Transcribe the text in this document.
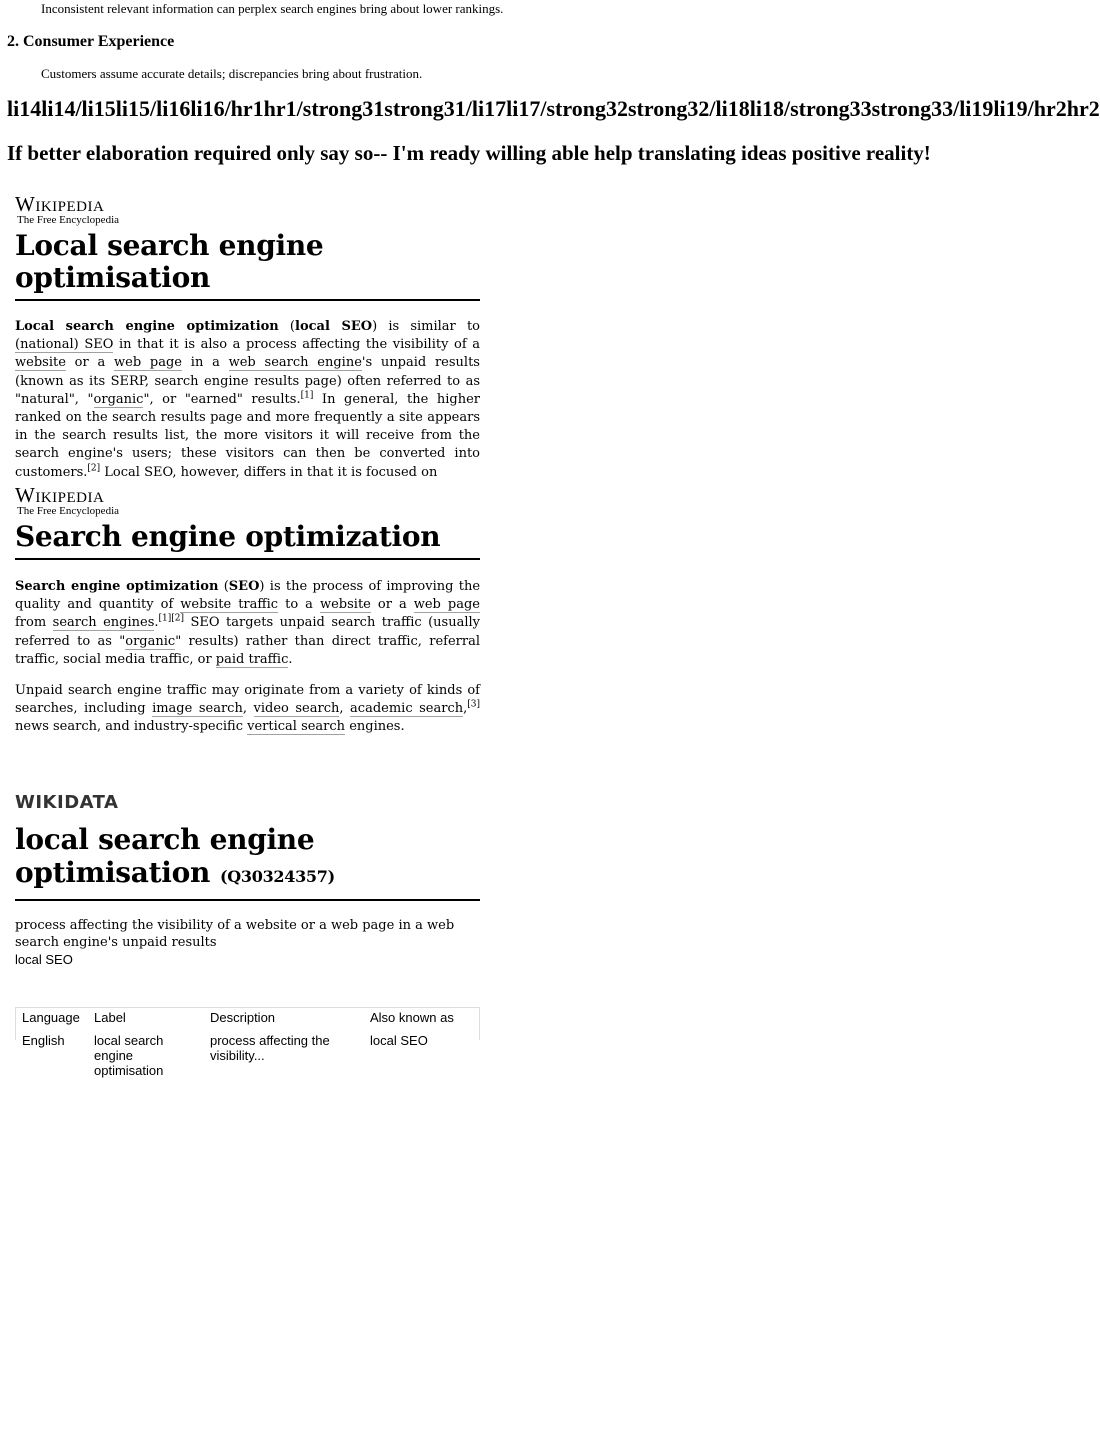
Inconsistent relevant information can perplex search engines bring about lower rankings.
2. Consumer Experience
Customers assume accurate details; discrepancies bring about frustration.
li14li14/li15li15/li16li16/hr1hr1/strong31strong31/li17li17/strong32strong32/li18li18/strong33strong33/li19li19/hr2hr2
If better elaboration required only say so-- I'm ready willing able help translating ideas positive reality!
Wikipedia
The Free Encyclopedia
Local search engine optimisation

Local search engine optimization (local SEO) is similar to (national) SEO in that it is also a process affecting the visibility of a website or a web page in a web search engine's unpaid results (known as its SERP, search engine results page) often referred to as "natural", "organic", or "earned" results.[1] In general, the higher ranked on the search results page and more frequently a site appears in the search results list, the more visitors it will receive from the search engine's users; these visitors can then be converted into customers.[2] Local SEO, however, differs in that it is focused on

Wikipedia
The Free Encyclopedia
Search engine optimization

Search engine optimization (SEO) is the process of improving the quality and quantity of website traffic to a website or a web page from search engines.[1][2] SEO targets unpaid search traffic (usually referred to as "organic" results) rather than direct traffic, referral traffic, social media traffic, or paid traffic.

Unpaid search engine traffic may originate from a variety of kinds of searches, including image search, video search, academic search,[3] news search, and industry-specific vertical search engines.

WIKIDATA
local search engine optimisation (Q30324357)
process affecting the visibility of a website or a web page in a web search engine's unpaid results
local SEO
Language	Label	Description	Also known as
English	local search engine optimisation	process affecting the visibility...	local SEO
